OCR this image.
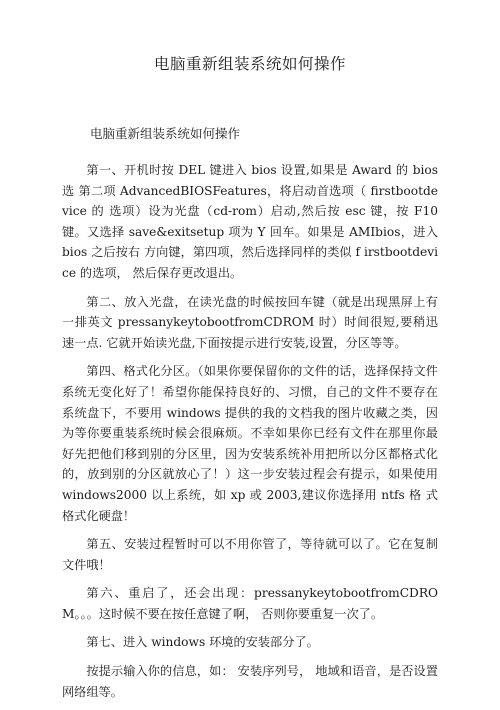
电脑重新组装系统如何操作
电脑重新组装系统如何操作

第一、开机时按 DEL 键进入 bios 设置,如果是 Award 的 bios 选 第二项 AdvancedBIOSFeatures，将启动首选项（ firstbootdevice 的 选项）设为光盘（cd-rom）启动,然后按 esc 键，按 F10 键。又选择 save&exitsetup 项为 Y 回车。如果是 AMIbios，进入 bios 之后按右 方向键，第四项，然后选择同样的类似 f irstbootdevice 的选项， 然后保存更改退出。

第二、放入光盘，在读光盘的时候按回车键（就是出现黑屏上有一排英文 pressanykeytobootfromCDROM 时）时间很短,要稍迅速一点. 它就开始读光盘,下面按提示进行安装,设置，分区等等。

第四、格式化分区。（如果你要保留你的文件的话，选择保持文件系统无变化好了！希望你能保持良好的、习惯，自己的文件不要存在系统盘下，不要用 windows 提供的我的文档我的图片收藏之类，因为等你要重装系统时候会很麻烦。不幸如果你已经有文件在那里你最好先把他们移到别的分区里，因为安装系统补用把所以分区都格式化的，放到别的分区就放心了！）这一步安装过程会有提示，如果使用 windows2000 以上系统，如 xp 或 2003,建议你选择用 ntfs 格 式格式化硬盘！

第五、安装过程暂时可以不用你管了，等待就可以了。它在复制文件哦！

第六、重启了，还会出现：pressanykeytobootfromCDROM。。。这时候不要在按任意键了啊， 否则你要重复一次了。

第七、进入 windows 环境的安装部分了。

按提示输入你的信息，如： 安装序列号， 地域和语音，是否设置 网络组等。
